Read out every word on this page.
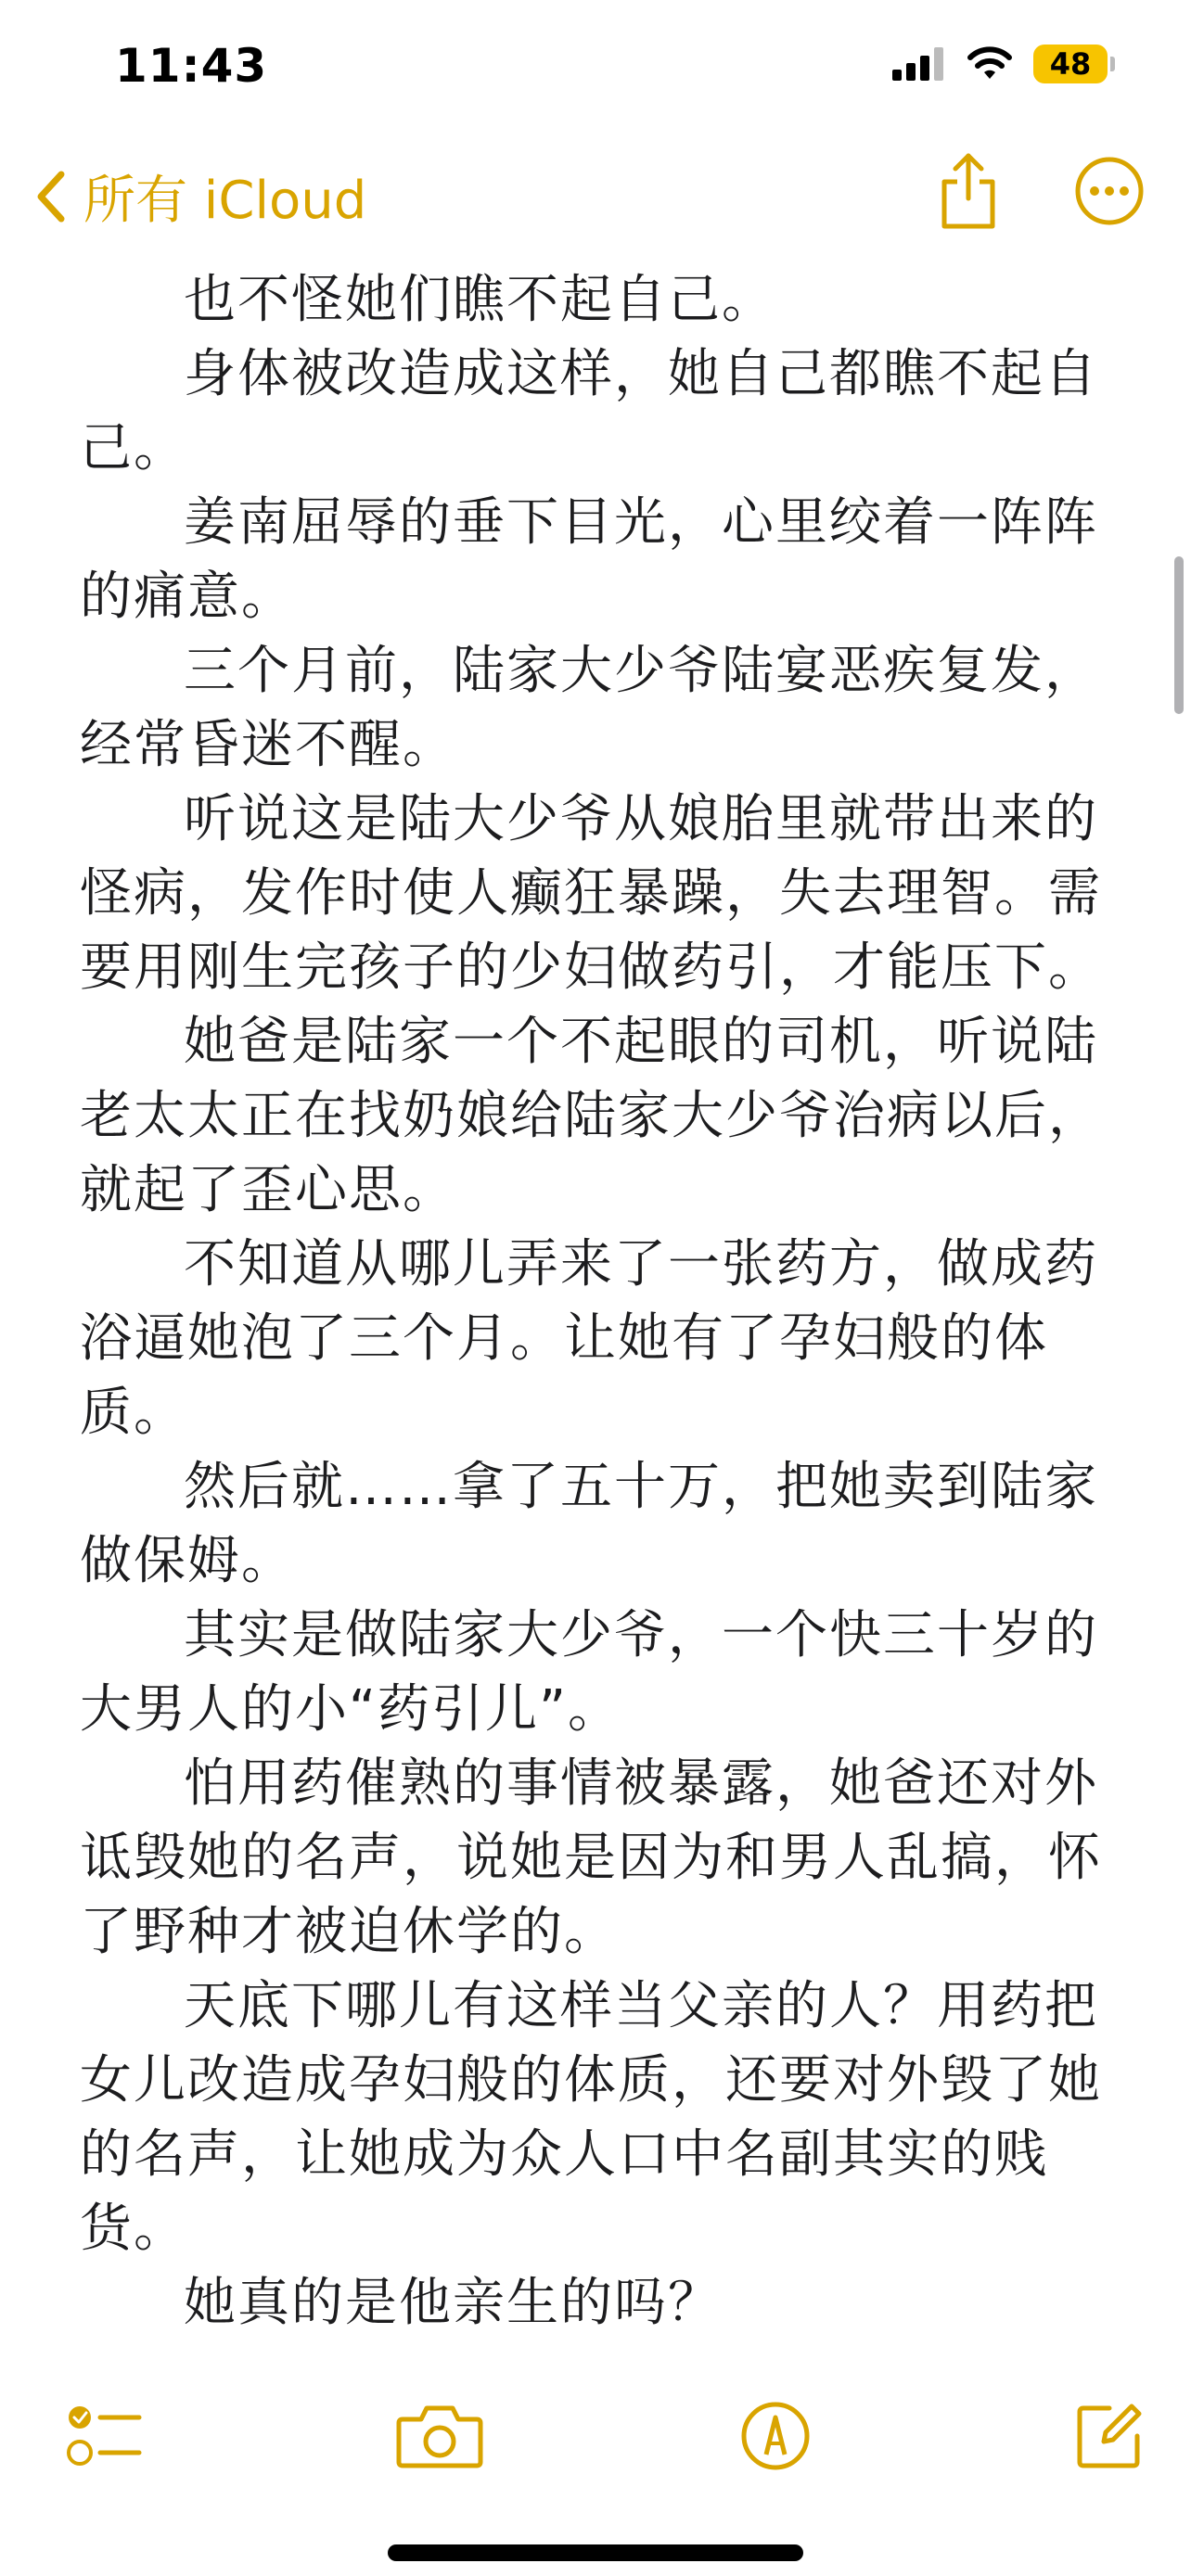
11:43	48
所有 iCloud

也不怪她们瞧不起自己。

身体被改造成这样，她自己都瞧不起自己。

姜南屈辱的垂下目光，心里绞着一阵阵的痛意。

三个月前，陆家大少爷陆宴恶疾复发，经常昏迷不醒。

听说这是陆大少爷从娘胎里就带出来的怪病，发作时使人癫狂暴躁，失去理智。需要用刚生完孩子的少妇做药引，才能压下。

她爸是陆家一个不起眼的司机，听说陆老太太正在找奶娘给陆家大少爷治病以后，就起了歪心思。

不知道从哪儿弄来了一张药方，做成药浴逼她泡了三个月。让她有了孕妇般的体质。

然后就……拿了五十万，把她卖到陆家做保姆。

其实是做陆家大少爷，一个快三十岁的大男人的小“药引儿”。

怕用药催熟的事情被暴露，她爸还对外诋毁她的名声，说她是因为和男人乱搞，怀了野种才被迫休学的。

天底下哪儿有这样当父亲的人？用药把女儿改造成孕妇般的体质，还要对外毁了她的名声，让她成为众人口中名副其实的贱货。

她真的是他亲生的吗？
